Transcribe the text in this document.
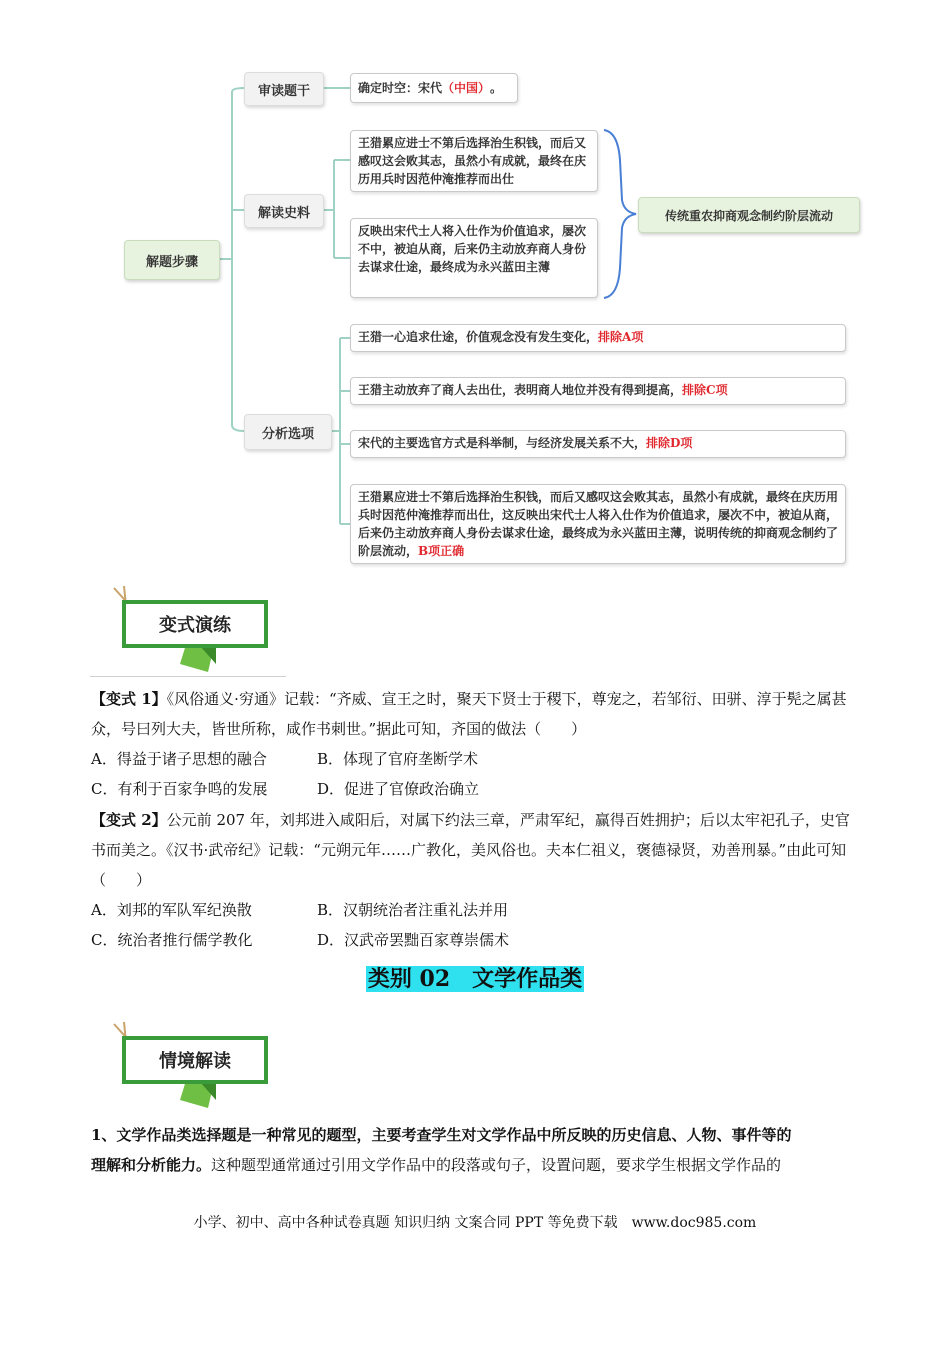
解题步骤
审读题干
解读史料
分析选项
确定时空：宋代 （中国） 。
王猎累应进士不第后选择治生积钱，而后又感叹这会败其志，虽然小有成就，最终在庆历用兵时因范仲淹推荐而出仕
反映出宋代士人将入仕作为价值追求，屡次不中，被迫从商，后来仍主动放弃商人身份去谋求仕途，最终成为永兴蓝田主薄
传统重农抑商观念制约阶层流动
王猎一心追求仕途，价值观念没有发生变化，排除A项
王猎主动放弃了商人去出仕，表明商人地位并没有得到提高，排除C项
宋代的主要选官方式是科举制，与经济发展关系不大，排除D项
王猎累应进士不第后选择治生积钱，而后又感叹这会败其志，虽然小有成就，最终在庆历用兵时因范仲淹推荐而出仕，这反映出宋代士人将入仕作为价值追求，屡次不中，被迫从商，后来仍主动放弃商人身份去谋求仕途，最终成为永兴蓝田主薄，说明传统的抑商观念制约了阶层流动，B项正确
变式演练
【变式 1】《风俗通义·穷通》记载：“齐威、宣王之时，聚天下贤士于稷下，尊宠之，若邹衍、田骈、淳于髡之属甚众，号曰列大夫，皆世所称，咸作书刺世。”据此可知，齐国的做法（　　）
A．得益于诸子思想的融合	B．体现了官府垄断学术
C．有利于百家争鸣的发展	D．促进了官僚政治确立
【变式 2】公元前 207 年，刘邦进入咸阳后，对属下约法三章，严肃军纪，赢得百姓拥护；后以太牢祀孔子，史官书而美之。《汉书·武帝纪》记载：“元朔元年……广教化，美风俗也。夫本仁祖义，褒德禄贤，劝善刑暴。”由此可知（　　）
A．刘邦的军队军纪涣散	B．汉朝统治者注重礼法并用
C．统治者推行儒学教化	D．汉武帝罢黜百家尊崇儒术
类别 02　文学作品类
情境解读
1、文学作品类选择题是一种常见的题型，主要考查学生对文学作品中所反映的历史信息、人物、事件等的
理解和分析能力。这种题型通常通过引用文学作品中的段落或句子，设置问题，要求学生根据文学作品的
小学、初中、高中各种试卷真题 知识归纳 文案合同 PPT 等免费下载　www.doc985.com
